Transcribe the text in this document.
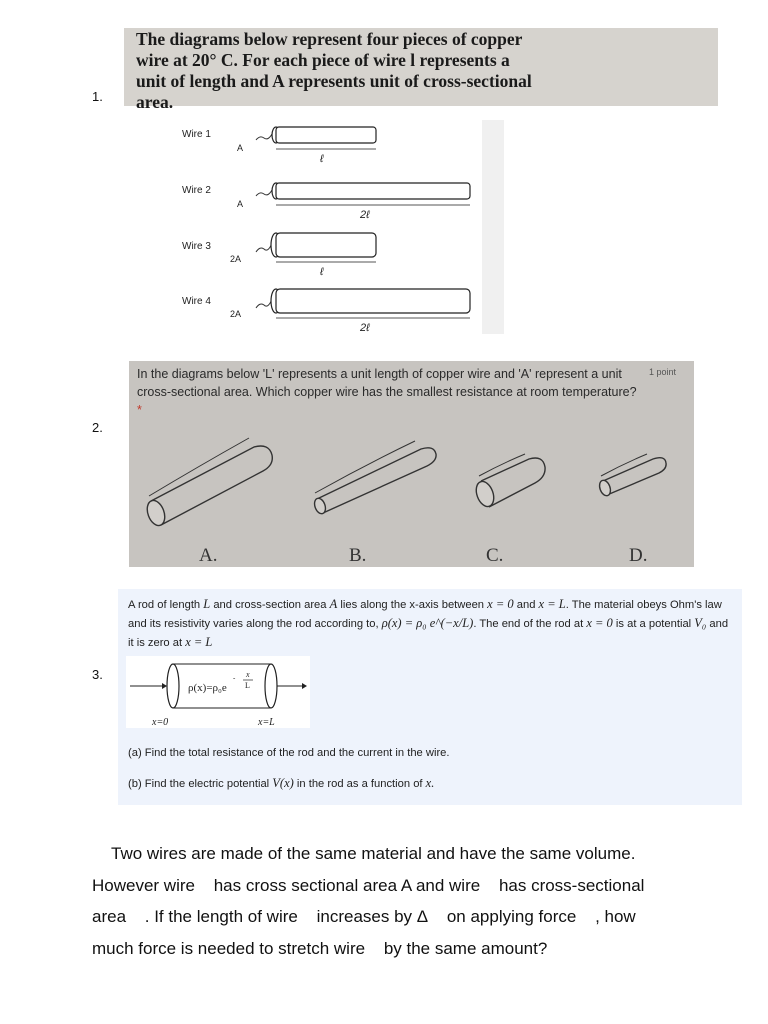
1.
2.
3.

The diagrams below represent four pieces of copper

wire at 20° C. For each piece of wire l represents a

unit of length and A represents unit of cross-sectional

area.

Wire 1
A
ℓ
Wire 2
A
2ℓ
Wire 3
2A
ℓ
Wire 4
2A
2ℓ
In the diagrams below 'L' represents a unit length of copper wire and 'A' represent a unit cross-sectional area. Which copper wire has the smallest resistance at room temperature? *
1 point
A.	B.	C.	D.
A rod of length L and cross-section area A lies along the x-axis between x = 0 and x = L. The material obeys Ohm's law and its resistivity varies along the rod according to, ρ(x) = ρ₀ e^(−x/L). The end of the rod at x = 0 is at a potential V₀ and it is zero at x = L
ρ(x)=ρ₀e
- x
L
x=0	x=L
(a) Find the total resistance of the rod and the current in the wire.
(b) Find the electric potential V(x) in the rod as a function of x.
Two wires are made of the same material and have the same volume.
However wire has cross sectional area A and wire has cross-sectional
area . If the length of wire increases by Δ on applying force , how
much force is needed to stretch wire by the same amount?
